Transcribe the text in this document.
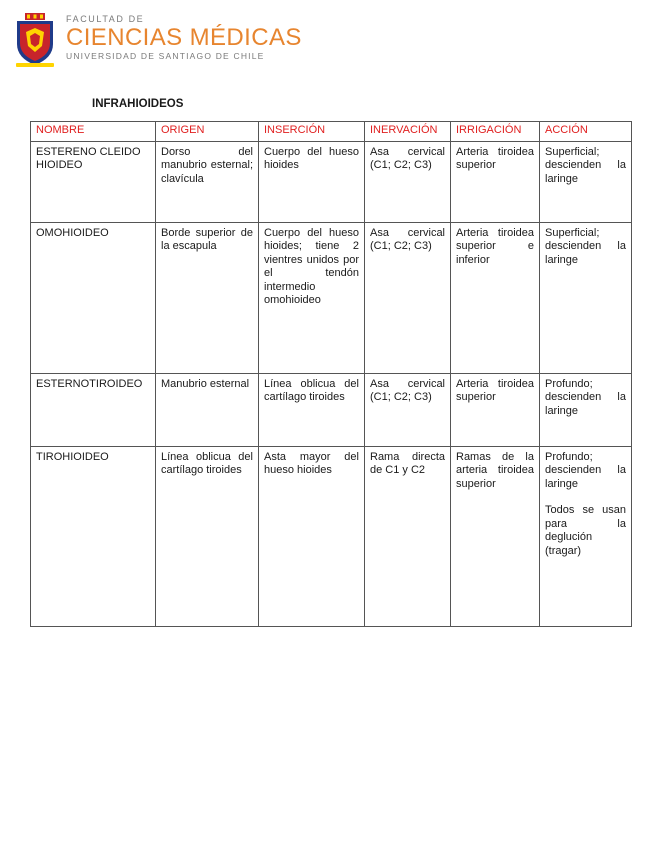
FACULTAD DE
CIENCIAS MÉDICAS
UNIVERSIDAD DE SANTIAGO DE CHILE
INFRAHIOIDEOS
NOMBRE	ORIGEN	INSERCIÓN	INERVACIÓN	IRRIGACIÓN	ACCIÓN
ESTERENO CLEIDO HIOIDEO	Dorso del manubrio esternal; clavícula	Cuerpo del hueso hioides	Asa cervical (C1; C2; C3)	Arteria tiroidea superior	Superficial; descienden la laringe
OMOHIOIDEO	Borde superior de la escapula	Cuerpo del hueso hioides; tiene 2 vientres unidos por el tendón intermedio omohioideo	Asa cervical (C1; C2; C3)	Arteria tiroidea superior e inferior	Superficial; descienden la laringe
ESTERNOTIROIDEO	Manubrio esternal	Línea oblicua del cartílago tiroides	Asa cervical (C1; C2; C3)	Arteria tiroidea superior	Profundo; descienden la laringe
TIROHIOIDEO	Línea oblicua del cartílago tiroides	Asta mayor del hueso hioides	Rama directa de C1 y C2	Ramas de la arteria tiroidea superior	Profundo; descienden la laringe
Todos se usan para la deglución (tragar)
